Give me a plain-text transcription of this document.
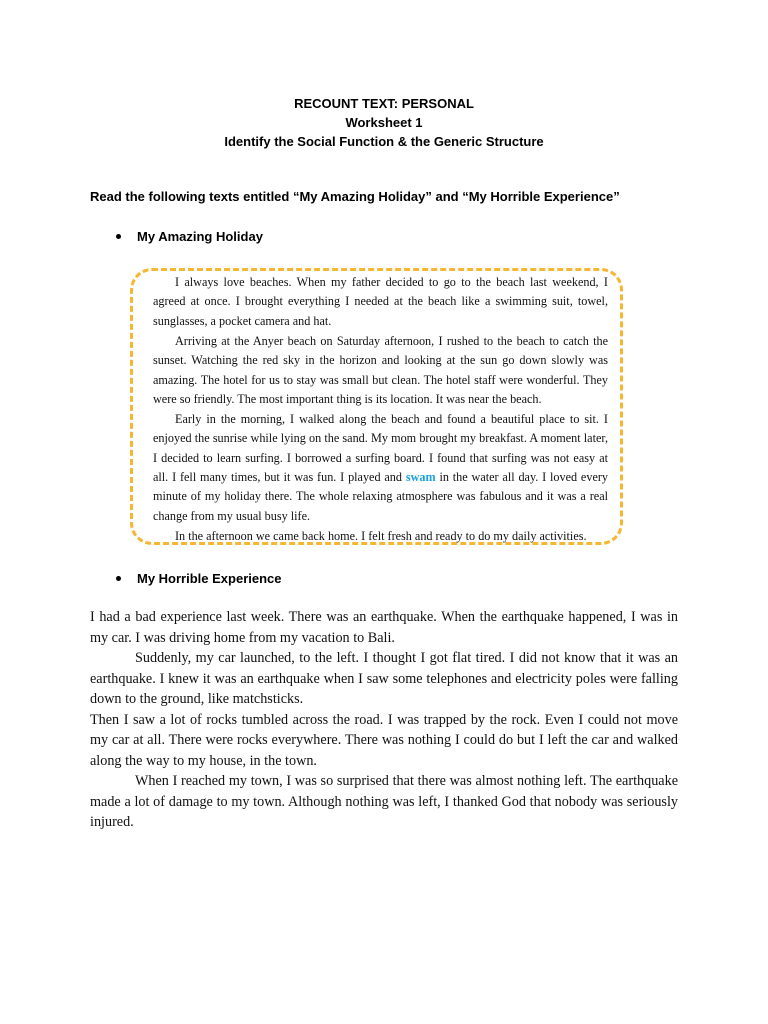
RECOUNT TEXT: PERSONAL
Worksheet 1
Identify the Social Function & the Generic Structure
Read the following texts entitled “My Amazing Holiday” and “My Horrible Experience”
My Amazing Holiday

I always love beaches. When my father decided to go to the beach last weekend, I agreed at once. I brought everything I needed at the beach like a swimming suit, towel, sunglasses, a pocket camera and hat.

Arriving at the Anyer beach on Saturday afternoon, I rushed to the beach to catch the sunset. Watching the red sky in the horizon and looking at the sun go down slowly was amazing. The hotel for us to stay was small but clean. The hotel staff were wonderful. They were so friendly. The most important thing is its location. It was near the beach.

Early in the morning, I walked along the beach and found a beautiful place to sit. I enjoyed the sunrise while lying on the sand. My mom brought my breakfast. A moment later, I decided to learn surfing. I borrowed a surfing board. I found that surfing was not easy at all. I fell many times, but it was fun. I played and swam in the water all day. I loved every minute of my holiday there. The whole relaxing atmosphere was fabulous and it was a real change from my usual busy life.

In the afternoon we came back home. I felt fresh and ready to do my daily activities.

My Horrible Experience

I had a bad experience last week. There was an earthquake. When the earthquake happened, I was in my car. I was driving home from my vacation to Bali.

Suddenly, my car launched, to the left. I thought I got flat tired. I did not know that it was an earthquake. I knew it was an earthquake when I saw some telephones and electricity poles were falling down to the ground, like matchsticks.

Then I saw a lot of rocks tumbled across the road. I was trapped by the rock. Even I could not move my car at all. There were rocks everywhere. There was nothing I could do but I left the car and walked along the way to my house, in the town.

When I reached my town, I was so surprised that there was almost nothing left. The earthquake made a lot of damage to my town. Although nothing was left, I thanked God that nobody was seriously injured.
